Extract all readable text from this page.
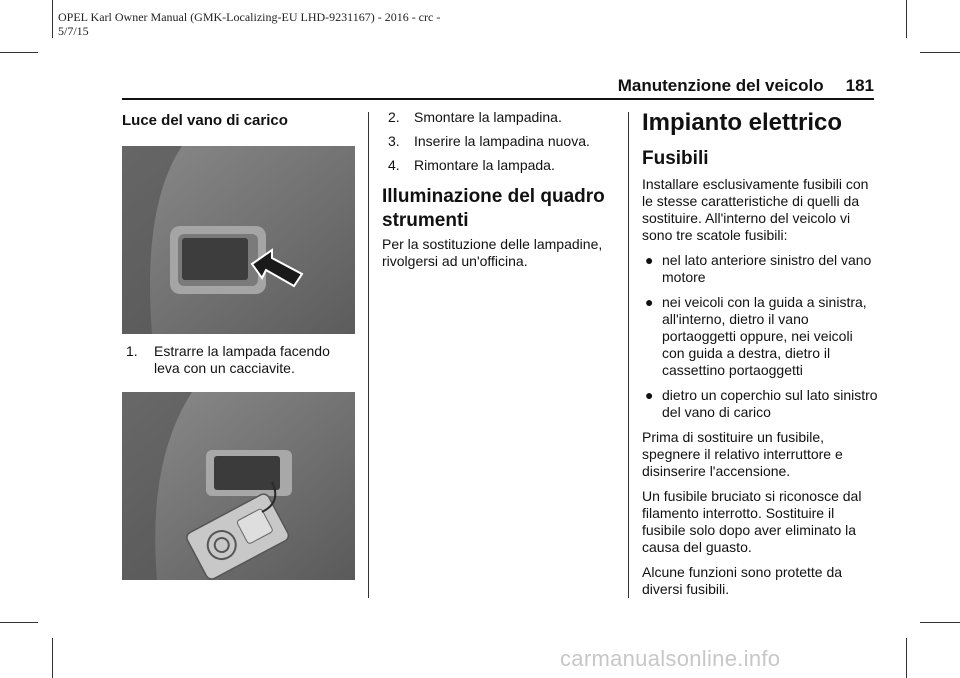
OPEL Karl Owner Manual (GMK-Localizing-EU LHD-9231167) - 2016 - crc -
5/7/15
Manutenzione del veicolo 181
Luce del vano di carico
1.	Estrarre la lampada facendo leva con un cacciavite.
2. Smontare la lampadina.
3. Inserire la lampadina nuova.
4. Rimontare la lampada.
Illuminazione del quadro strumenti
Per la sostituzione delle lampadine, rivolgersi ad un'officina.
Impianto elettrico
Fusibili

Installare esclusivamente fusibili con le stesse caratteristiche di quelli da sostituire. All'interno del veicolo vi sono tre scatole fusibili:

● nel lato anteriore sinistro del vano motore
● nei veicoli con la guida a sinistra, all'interno, dietro il vano portaoggetti oppure, nei veicoli con guida a destra, dietro il cassettino portaoggetti
● dietro un coperchio sul lato sinistro del vano di carico

Prima di sostituire un fusibile, spegnere il relativo interruttore e disinserire l'accensione.

Un fusibile bruciato si riconosce dal filamento interrotto. Sostituire il fusibile solo dopo aver eliminato la causa del guasto.

Alcune funzioni sono protette da diversi fusibili.

carmanualsonline.info
